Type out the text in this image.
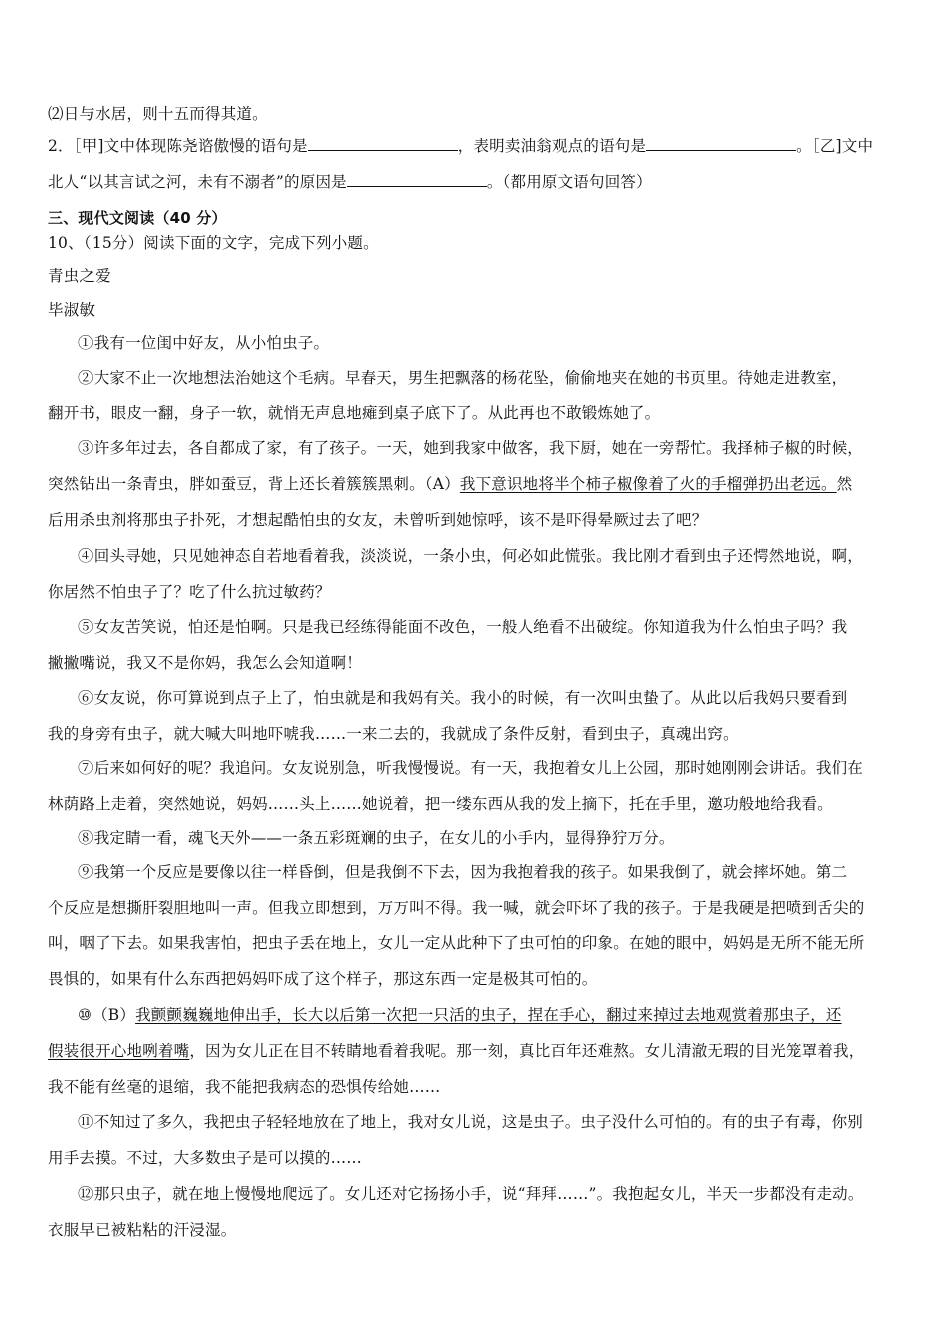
⑵日与水居，则十五而得其道。
2．［甲]文中体现陈尧谘傲慢的语句是	，表明卖油翁观点的语句是	。［乙]文中
北人“以其言试之河，未有不溺者”的原因是	。（都用原文语句回答）
三、现代文阅读（40 分）
10、（15分）阅读下面的文字，完成下列小题。
青虫之爱
毕淑敏
①我有一位闺中好友，从小怕虫子。
②大家不止一次地想法治她这个毛病。早春天，男生把飘落的杨花坠，偷偷地夹在她的书页里。待她走进教室，
翻开书，眼皮一翻，身子一软，就悄无声息地瘫到桌子底下了。从此再也不敢锻炼她了。
③许多年过去，各自都成了家，有了孩子。一天，她到我家中做客，我下厨，她在一旁帮忙。我择柿子椒的时候，
突然钻出一条青虫，胖如蚕豆，背上还长着簇簇黑刺。（A）我下意识地将半个柿子椒像着了火的手榴弹扔出老远。然
后用杀虫剂将那虫子扑死，才想起酷怕虫的女友，未曾听到她惊呼，该不是吓得晕厥过去了吧？
④回头寻她，只见她神态自若地看着我，淡淡说，一条小虫，何必如此慌张。我比刚才看到虫子还愕然地说，啊，
你居然不怕虫子了？吃了什么抗过敏药？
⑤女友苦笑说，怕还是怕啊。只是我已经练得能面不改色，一般人绝看不出破绽。你知道我为什么怕虫子吗？我
撇撇嘴说，我又不是你妈，我怎么会知道啊！
⑥女友说，你可算说到点子上了，怕虫就是和我妈有关。我小的时候，有一次叫虫蛰了。从此以后我妈只要看到
我的身旁有虫子，就大喊大叫地吓唬我……一来二去的，我就成了条件反射，看到虫子，真魂出窍。
⑦后来如何好的呢？我追问。女友说别急，听我慢慢说。有一天，我抱着女儿上公园，那时她刚刚会讲话。我们在
林荫路上走着，突然她说，妈妈……头上……她说着，把一缕东西从我的发上摘下，托在手里，邀功般地给我看。
⑧我定睛一看，魂飞天外——一条五彩斑斓的虫子，在女儿的小手内，显得狰狞万分。
⑨我第一个反应是要像以往一样昏倒，但是我倒不下去，因为我抱着我的孩子。如果我倒了，就会摔坏她。第二
个反应是想撕肝裂胆地叫一声。但我立即想到，万万叫不得。我一喊，就会吓坏了我的孩子。于是我硬是把喷到舌尖的
叫，咽了下去。如果我害怕，把虫子丢在地上，女儿一定从此种下了虫可怕的印象。在她的眼中，妈妈是无所不能无所
畏惧的，如果有什么东西把妈妈吓成了这个样子，那这东西一定是极其可怕的。
⑩（B）我颤颤巍巍地伸出手，长大以后第一次把一只活的虫子，捏在手心，翻过来掉过去地观赏着那虫子，还
假装很开心地咧着嘴，因为女儿正在目不转睛地看着我呢。那一刻，真比百年还难熬。女儿清澈无瑕的目光笼罩着我，
我不能有丝毫的退缩，我不能把我病态的恐惧传给她……
⑪不知过了多久，我把虫子轻轻地放在了地上，我对女儿说，这是虫子。虫子没什么可怕的。有的虫子有毒，你别
用手去摸。不过，大多数虫子是可以摸的……
⑫那只虫子，就在地上慢慢地爬远了。女儿还对它扬扬小手，说“拜拜……”。我抱起女儿，半天一步都没有走动。
衣服早已被粘粘的汗浸湿。
